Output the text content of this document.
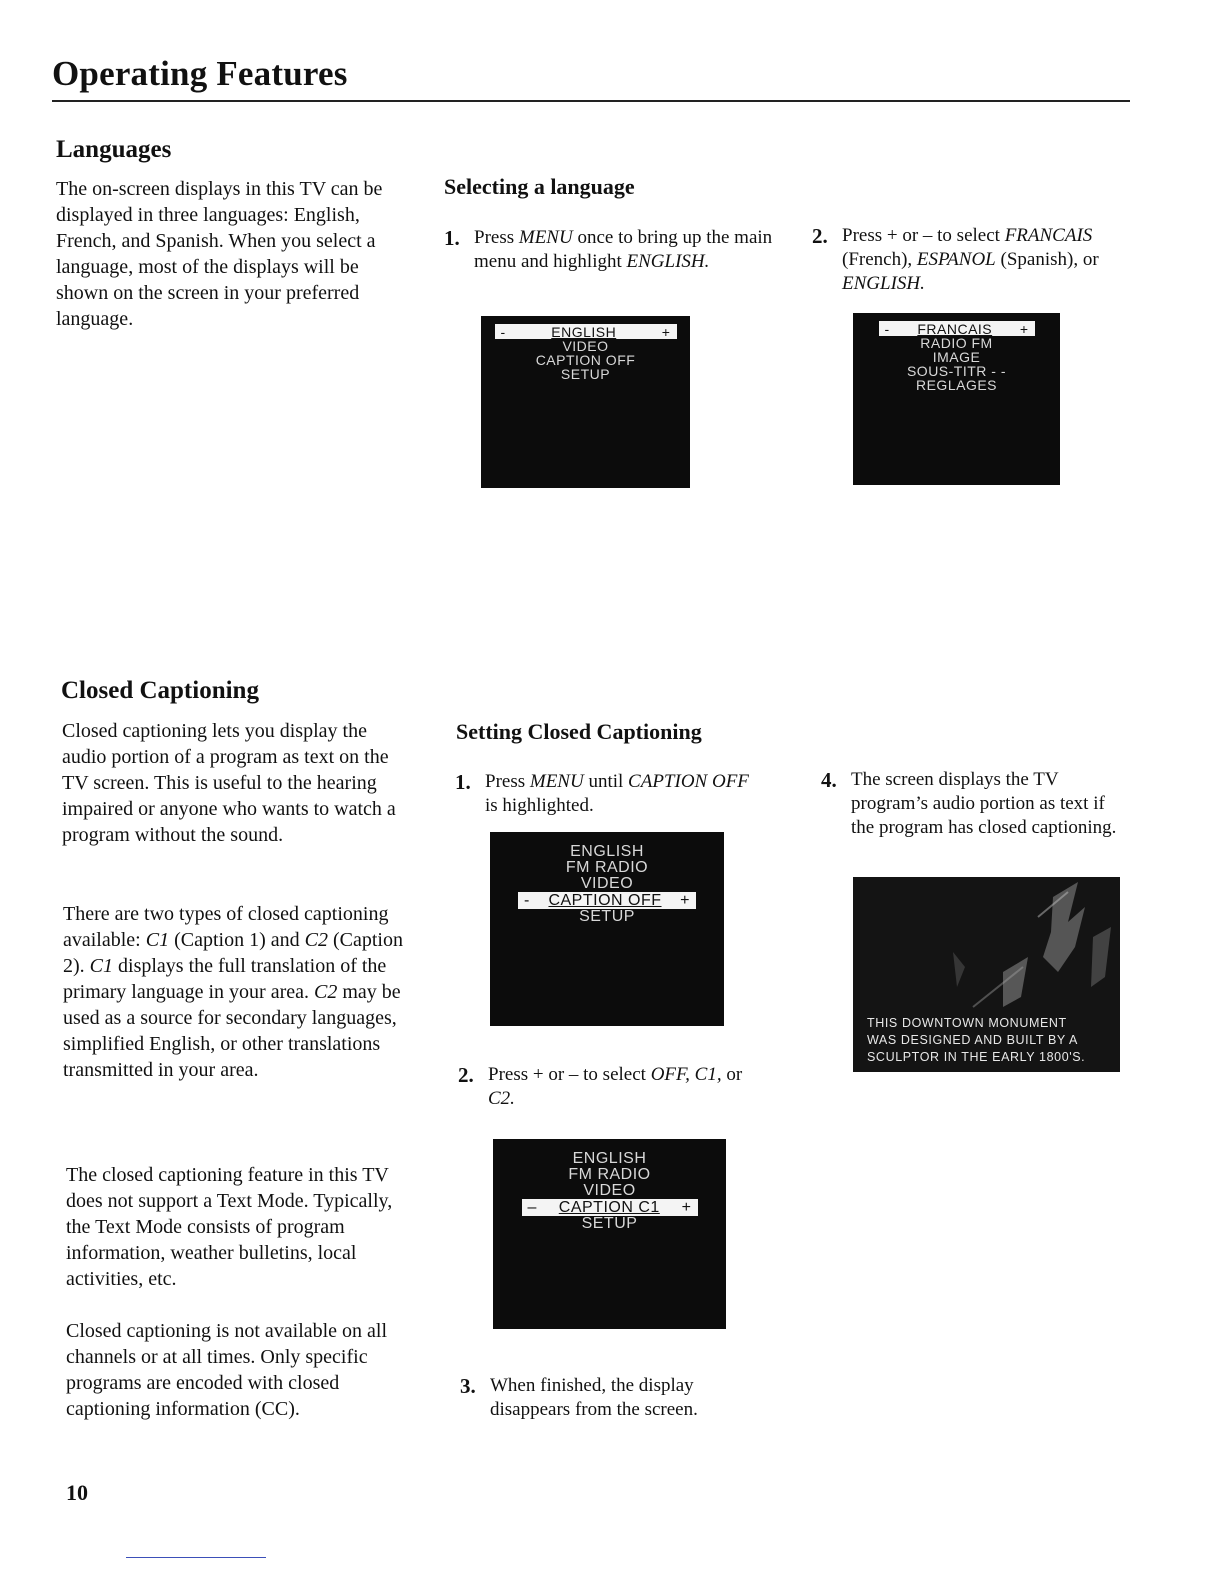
Operating Features
Languages

The on-screen displays in this TV can be displayed in three languages: English, French, and Spanish. When you select a language, most of the displays will be shown on the screen in your preferred language.

Selecting a language
1. Press MENU once to bring up the main menu and highlight ENGLISH.
2. Press + or – to select FRANCAIS (French), ESPANOL (Spanish), or ENGLISH.
-	ENGLISH	+
VIDEO
CAPTION OFF
SETUP
- FRANCAIS +
RADIO FM
IMAGE
SOUS-TITR - -
REGLAGES
Closed Captioning

Closed captioning lets you display the audio portion of a program as text on the TV screen. This is useful to the hearing impaired or anyone who wants to watch a program without the sound.

There are two types of closed captioning available: C1 (Caption 1) and C2 (Caption 2). C1 displays the full translation of the primary language in your area. C2 may be used as a source for secondary languages, simplified English, or other translations transmitted in your area.

The closed captioning feature in this TV does not support a Text Mode. Typically, the Text Mode consists of program information, weather bulletins, local activities, etc.

Closed captioning is not available on all channels or at all times. Only specific programs are encoded with closed captioning information (CC).

Setting Closed Captioning
1. Press MENU until CAPTION OFF is highlighted.
ENGLISH
FM RADIO
VIDEO
- CAPTION OFF +
SETUP
2. Press + or – to select OFF, C1, or C2.
ENGLISH
FM RADIO
VIDEO
– CAPTION C1 +
SETUP
3. When finished, the display disappears from the screen.
4. The screen displays the TV program’s audio portion as text if the program has closed captioning.
THIS DOWNTOWN MONUMENT
WAS DESIGNED AND BUILT BY A
SCULPTOR IN THE EARLY 1800'S.
10
